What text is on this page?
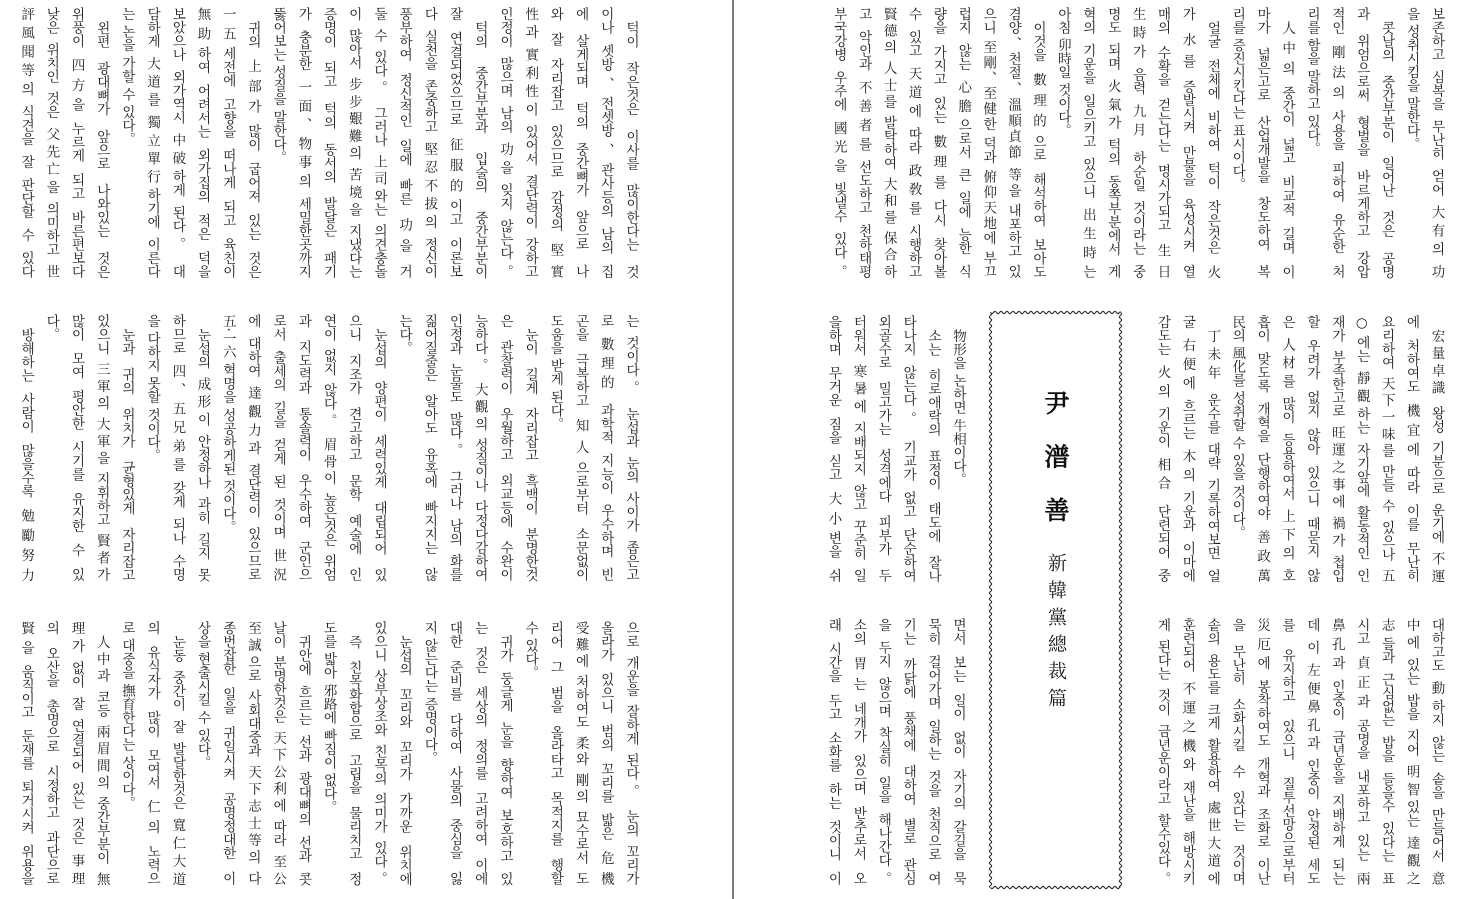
턱이 작은것은 이사를 많이한다는 것

이나 셋방、전셋방、관사등의 남의 집

에 살게되며 턱의 중간뼈가 앞으로 나

와 잘 자리잡고 있으므로 감정의 堅實

性과 實利性이 있어서 결단력이 강하고

인정이 많으며 남의 功을 잊지 않는다。

턱의 중간부분과 입술의 중간부분이

잘 연결되었으므로 征服的이고 이론보

다 실천을 존중하고 堅忍不拔의 정신이

풍부하여 정신적인 일에 빠른 功을 거

둘 수 있다。 그러나 上司와는 의견충돌

이 많아서 步步艱難의 苦境을 지냈다는

증명이 되고 턱의 동서의 발달은 패기

가 충분한 一面、物事의 세밀한곳까지

뚫어보는 성질을 말한다。

귀의 上部가 많이 굽어져 있는 것은

一五세전에 고향을 떠나게 되고 육친이

無助하여 어려서는 외가집의 적은 덕을

보았으나 외가역시 中破하게 된다。 대

담하게 大道를 獨立單行하기에 이른다

는 논을 가할 수 있다。

왼편 광대뼈가 앞으로 나와있는 것은

위풍이 四方을 누르게 되고 바른편보다

낮은 위치인 것은 父先亡을 의미하고 世

評風聞等의 식견을 잘 판단할 수 있다

는 것이다。 눈섭과 눈의 사이가 좁은고

로 數理的 과학적 지능이 우수하며 빈

곤을 극복하고 知人으로부터 소문없이

도움을 받게 된다。

눈이 길게 자리잡고 흑백이 분명한것

은 관찰력이 우월하고 외교등에 수완이

능하다。 大觀의 성질이나 다정다감하여

인정과 눈물도 많다。 그러나 남의 화를

짊어질줄은 알아도 유혹에 빠지지는 않

는다。

눈섭의 양편이 세력있게 대립되어 있

으니 지조가 견고하고 문학 예술에 인

연이 없지 않다。 眉骨이 높은것은 위엄

과 지도력과 통솔력이 우수하여 군인으

로서 출세의 길을 걷게 된 것이며 世況

에 대하여 達觀力과 결단력이 있으므로

五·一六 혁명을 성공하게된 것이다。

눈섭의 成形이 안정하나 과히 길지 못

하므로 四、五兄弟를 갖게 되나 수명

을 다하지 못할 것이다。

눈과 귀의 위치가 균형있게 자리잡고

있으니 三軍의 大軍을 지휘하고 賢者가

많이 모여 평안한 시기를 유지한 수 있

다。

방해하는 사람이 많을수록 勉勵努力

으로 개운을 잘하게 된다。 눈의 꼬리가

올라가 있으니 범의 꼬리를 밟은 危機

受難에 처하여도 柔와 剛의 묘수로서 도

리어 그 범을 올라타고 목적지를 행할

수 있다。

귀가 둥글게 눈을 향하여 보호하고 있

는 것은 세상의 정의를 고려하여 이에

대한 준비를 다하여 사물의 중심을 잃

지 않는다는 증명이다。

눈섭의 꼬리와 꼬리가 가까운 위치에

있으니 상부상조와 친목의 의미가 있다。

즉 친목화합으로 고립을 물리치고 정

도를 밟아 邪路에 빠짐이 없다。

귀안에 흐르는 선과 광대뼈의 선과 콧

날이 분명한것은 天下公利에 따라 至公

至誠으로 사회대중과 天下志士等의 다

종번잡한 일을 귀일시켜 공명정대한 이

상을 현출시킬 수 있다。

눈동 중간이 잘 발달한것은 寬仁大道

의 유식자가 많이 모여서 仁의 노력으

로 대중을 撫育한다는 상이다。

人中과 코등 兩眉間의 중간부분이 無

理가 없이 잘 연결되어 있는 것은 事理

의 오산을 총명으로 시정하고 과단으로

賢을 움직이고 둔재를 퇴거시켜 위용을

보존하고 심복을 무난히 얻어 大有의 功

을 성취시킴을 말한다。

콧날의 중간부분이 일어난 것은 공명

과 위엄으로써 형벌을 바르게하고 강압

적인 剛法의 사용을 피하여 유순한 처

리를 함을 말하고 있다。

人中의 중간이 넓고 비교적 길며 이

마가 넓은고로 산업개발을 창도하여 복

리를 증진시킨다는 표시이다。

얼굴 전체에 비하여 턱이 작은것은 火

가 水를 증발시켜 만물을 육성시켜 열

매의 수확을 걷는다는 명시가되고 生日

生時가 음력 九月 하순일 것이라는 중

명도 되며 火氣가 턱의 동쪽부분에서 게

혁의 기운을 일으키고 있으니 出生時는

아침 卯時일 것이다。

이것을 數理的으로 해석하여 보아도

겸양、천절、溫順貞節 等을 내포하고 있

으니 至剛、至健한 덕과 俯仰天地에 부끄

럽지 않는 心膽으로서 큰 일에 능한 식

량을 가지고 있는 數理를 다시 찾아볼

수 있고 天道에 따라 政敎를 시행하고

賢德의 人士를 발탁하여 大和를 保合하

고 악인과 不善者를 선도하고 천하태평

부국강병 우주에 國光을 빛낼수 있다。

宏量卓識 왕성 기분으로 운기에 不運

에 처하여도 機宜에 따라 이를 무난히

요리하여 天下一味를 만들 수 있으나 五

○에는 靜觀하는 자기앞에 활동적인 인

재가 부족한고로 旺運之事에 禍가 첩입

할 우려가 없지 않아 있으니 때묻지 않

은 人材를 많이 등용하여서 上下의 호

흡이 맞도록 개혁을 단행하여야 善政萬

民의 風化를 성취할 수 있을 것이다。

丁未年 운수를 대략 기록하여보면 얼

굴 右便에 흐르는 木의 기운과 이마에

감도는 火의 기운이 相合 단련되어 중

物形을 논하면 牛相이다。

소는 히로애락의 표정이 태도에 잘나

타나지 않는다。 기교가 없고 단순하여

외골수로 밀고가는 성격에다 피부가 두

터워서 寒暑에 지배되지 않고 꾸준히 일

을하며 무거운 짐을 싣고 大小변을 쉬

대하고도 動하지 않는 솥을 만들어서 意

中에 있는 밥을 지어 明智있는 達觀之

志들과 근심없는 밥을 들을수 있다는 표

시고 貞正과 공명을 내포하고 있는 兩

鼻孔과 인중이 금년운을 지배하게 되는

데 이 左便鼻孔과 인중이 안정된 세도

를 유지하고 있으니 질투선망으로부터

災厄에 봉착하여도 개혁과 조화로 이난

을 무난히 소화시킬 수 있다는 것이며

솥의 용도를 크게 활용하여 處世大道에

훈련되어 不運之機와 재난을 해방시키

게 된다는 것이 금년운이라고 할수있다。

면서 보는 일이 없이 자기의 갈길을 묵

묵히 걸어가며 일하는 것을 천직으로 여

기는 까닭에 풍채에 대하여 별로 관심

을 두지 않으며 착실히 일을 해나간다。

소의 胃는 네개가 있으며 반추로서 오

래 시간을 두고 소화를 하는 것이니 이

尹潽善
新韓黨總裁篇
